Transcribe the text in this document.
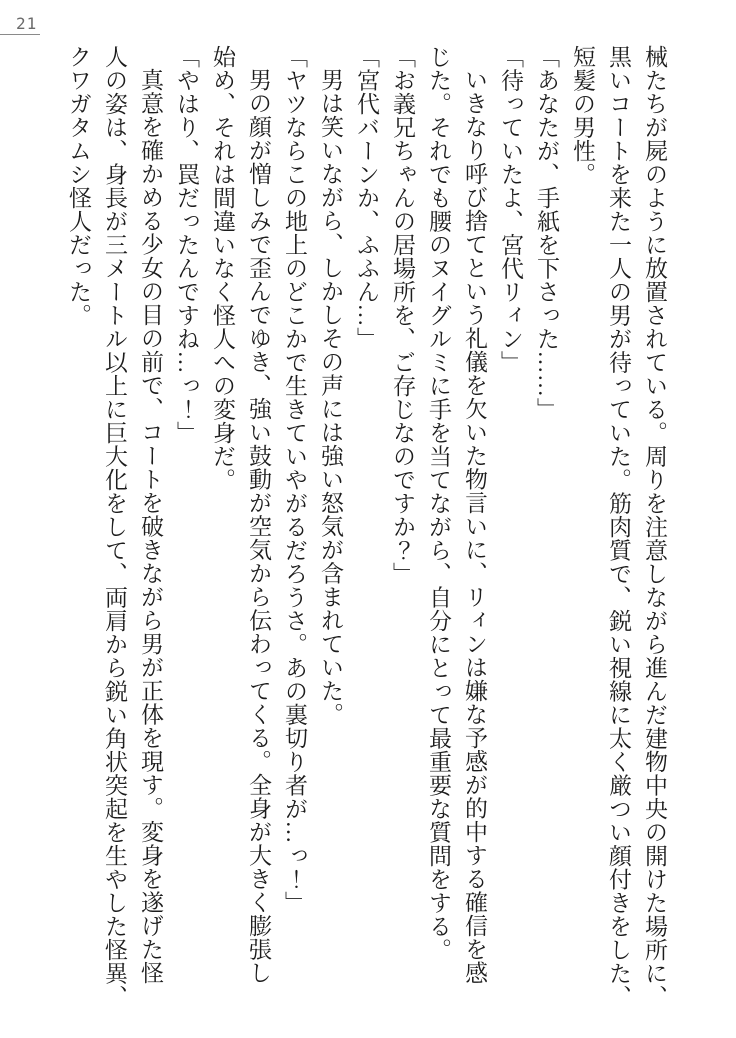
21
械たちが屍のように放置されている。周りを注意しながら進んだ建物中央の開けた場所に、
黒いコートを来た一人の男が待っていた。筋肉質で、鋭い視線に太く厳つい顔付きをした、
短髪の男性。
「あなたが、手紙を下さった……」
「待っていたよ、宮代リィン」
いきなり呼び捨てという礼儀を欠いた物言いに、リィンは嫌な予感が的中する確信を感
じた。それでも腰のヌイグルミに手を当てながら、自分にとって最重要な質問をする。
「お義兄ちゃんの居場所を、ご存じなのですか？」
「宮代バーンか、ふふん…」
男は笑いながら、しかしその声には強い怒気が含まれていた。
「ヤツならこの地上のどこかで生きていやがるだろうさ。あの裏切り者が…っ！」
男の顔が憎しみで歪んでゆき、強い鼓動が空気から伝わってくる。全身が大きく膨張し
始め、それは間違いなく怪人への変身だ。
「やはり、罠だったんですね…っ！」
真意を確かめる少女の目の前で、コートを破きながら男が正体を現す。変身を遂げた怪
人の姿は、身長が三メートル以上に巨大化をして、両肩から鋭い角状突起を生やした怪異、
クワガタムシ怪人だった。
